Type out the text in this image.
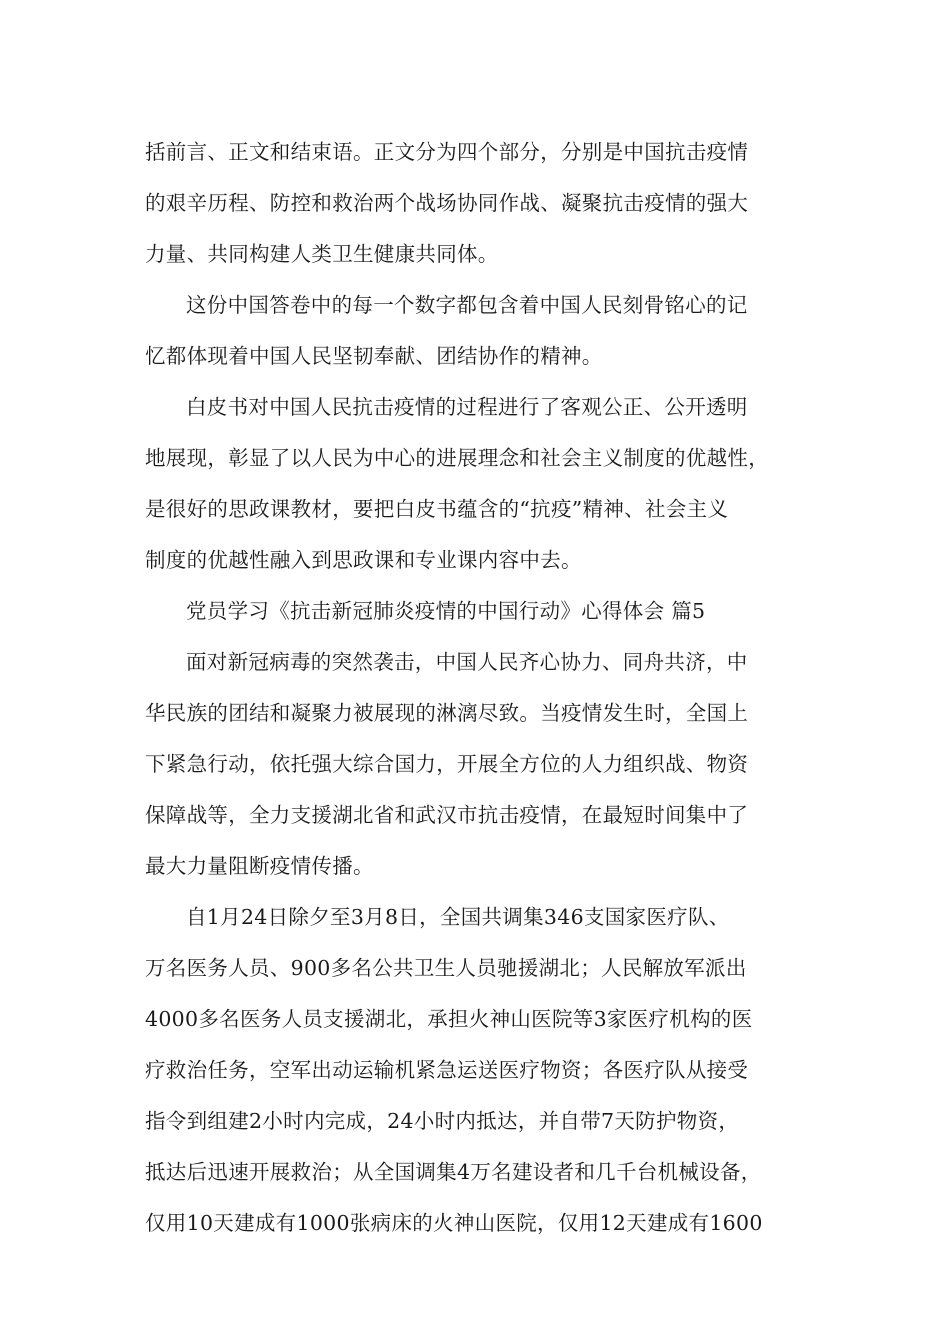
括前言、正文和结束语。正文分为四个部分，分别是中国抗击疫情
的艰辛历程、防控和救治两个战场协同作战、凝聚抗击疫情的强大
力量、共同构建人类卫生健康共同体。

这份中国答卷中的每一个数字都包含着中国人民刻骨铭心的记
忆都体现着中国人民坚韧奉献、团结协作的精神。

白皮书对中国人民抗击疫情的过程进行了客观公正、公开透明
地展现，彰显了以人民为中心的进展理念和社会主义制度的优越性，
是很好的思政课教材，要把白皮书蕴含的“抗疫”精神、社会主义
制度的优越性融入到思政课和专业课内容中去。

党员学习《抗击新冠肺炎疫情的中国行动》心得体会 篇5

面对新冠病毒的突然袭击，中国人民齐心协力、同舟共济，中
华民族的团结和凝聚力被展现的淋漓尽致。当疫情发生时，全国上
下紧急行动，依托强大综合国力，开展全方位的人力组织战、物资
保障战等，全力支援湖北省和武汉市抗击疫情，在最短时间集中了
最大力量阻断疫情传播。

自1月24日除夕至3月8日，全国共调集346支国家医疗队、
万名医务人员、900多名公共卫生人员驰援湖北；人民解放军派出
4000多名医务人员支援湖北，承担火神山医院等3家医疗机构的医
疗救治任务，空军出动运输机紧急运送医疗物资；各医疗队从接受
指令到组建2小时内完成，24小时内抵达，并自带7天防护物资，
抵达后迅速开展救治；从全国调集4万名建设者和几千台机械设备，
仅用10天建成有1000张病床的火神山医院，仅用12天建成有1600
